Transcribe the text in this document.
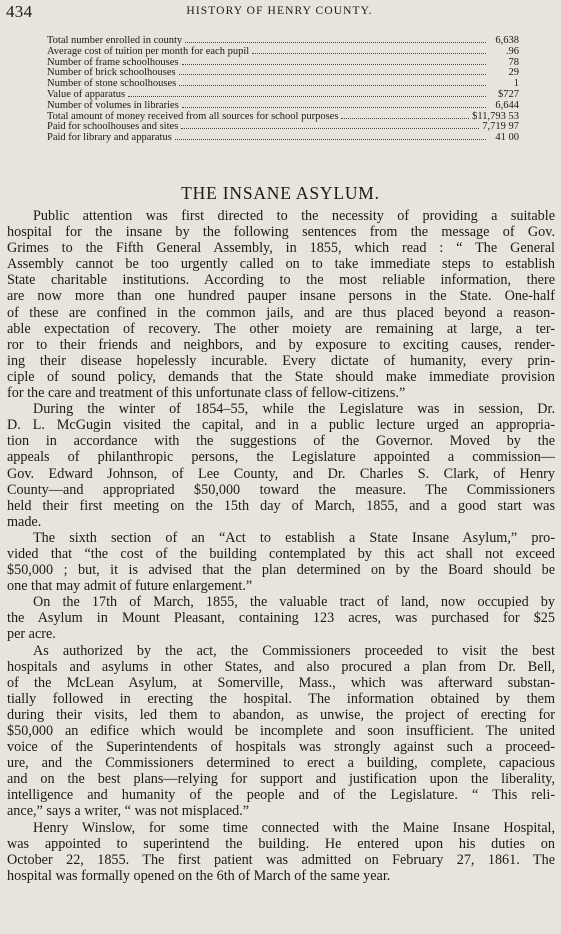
434	HISTORY OF HENRY COUNTY.
Total number enrolled in county	6,638
Average cost of tuition per month for each pupil	.96
Number of frame schoolhouses	78
Number of brick schoolhouses	29
Number of stone schoolhouses	1
Value of apparatus	$727
Number of volumes in libraries	6,644
Total amount of money received from all sources for school purposes	$11,793 53
Paid for schoolhouses and sites	7,719 97
Paid for library and apparatus	41 00
THE INSANE ASYLUM.
Public attention was first directed to the necessity of providing a suitable
hospital for the insane by the following sentences from the message of Gov.
Grimes to the Fifth General Assembly, in 1855, which read : “ The General
Assembly cannot be too urgently called on to take immediate steps to establish
State charitable institutions. According to the most reliable information, there
are now more than one hundred pauper insane persons in the State. One-half
of these are confined in the common jails, and are thus placed beyond a reason-
able expectation of recovery. The other moiety are remaining at large, a ter-
ror to their friends and neighbors, and by exposure to exciting causes, render-
ing their disease hopelessly incurable. Every dictate of humanity, every prin-
ciple of sound policy, demands that the State should make immediate provision
for the care and treatment of this unfortunate class of fellow-citizens.”
During the winter of 1854–55, while the Legislature was in session, Dr.
D. L. McGugin visited the capital, and in a public lecture urged an appropria-
tion in accordance with the suggestions of the Governor. Moved by the
appeals of philanthropic persons, the Legislature appointed a commission—
Gov. Edward Johnson, of Lee County, and Dr. Charles S. Clark, of Henry
County—and appropriated $50,000 toward the measure. The Commissioners
held their first meeting on the 15th day of March, 1855, and a good start was
made.
The sixth section of an “Act to establish a State Insane Asylum,” pro-
vided that “the cost of the building contemplated by this act shall not exceed
$50,000 ; but, it is advised that the plan determined on by the Board should be
one that may admit of future enlargement.”
On the 17th of March, 1855, the valuable tract of land, now occupied by
the Asylum in Mount Pleasant, containing 123 acres, was purchased for $25
per acre.
As authorized by the act, the Commissioners proceeded to visit the best
hospitals and asylums in other States, and also procured a plan from Dr. Bell,
of the McLean Asylum, at Somerville, Mass., which was afterward substan-
tially followed in erecting the hospital. The information obtained by them
during their visits, led them to abandon, as unwise, the project of erecting for
$50,000 an edifice which would be incomplete and soon insufficient. The united
voice of the Superintendents of hospitals was strongly against such a proceed-
ure, and the Commissioners determined to erect a building, complete, capacious
and on the best plans—relying for support and justification upon the liberality,
intelligence and humanity of the people and of the Legislature. “ This reli-
ance,” says a writer, “ was not misplaced.”
Henry Winslow, for some time connected with the Maine Insane Hospital,
was appointed to superintend the building. He entered upon his duties on
October 22, 1855. The first patient was admitted on February 27, 1861. The
hospital was formally opened on the 6th of March of the same year.
